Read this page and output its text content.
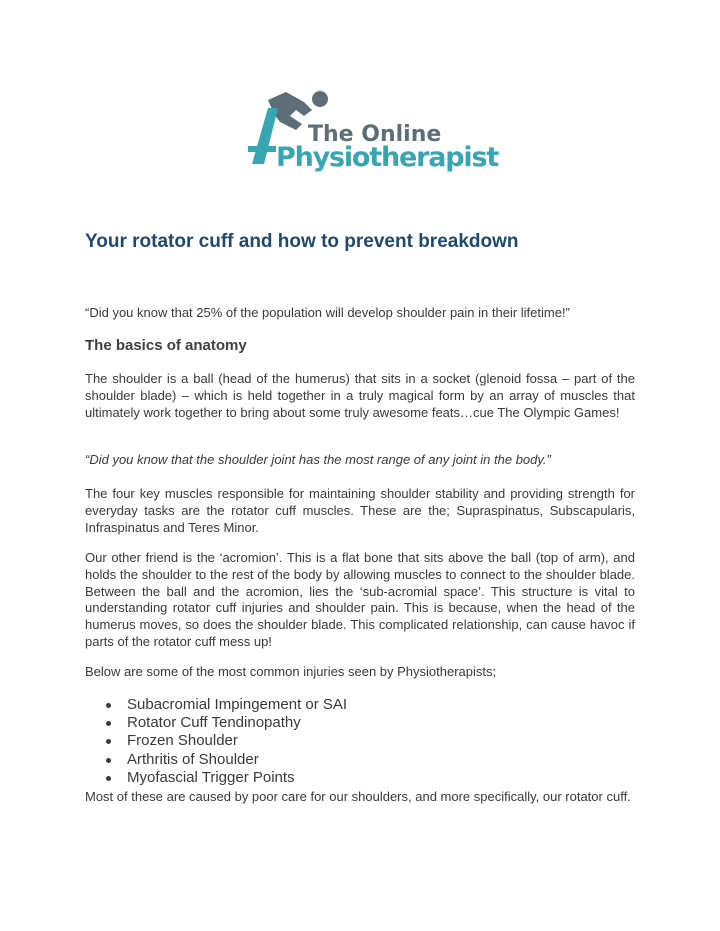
The Online
Physiotherapist
Your rotator cuff and how to prevent breakdown

“Did you know that 25% of the population will develop shoulder pain in their lifetime!”

The basics of anatomy

The shoulder is a ball (head of the humerus) that sits in a socket (glenoid fossa – part of the shoulder blade) – which is held together in a truly magical form by an array of muscles that ultimately work together to bring about some truly awesome feats…cue The Olympic Games!

“Did you know that the shoulder joint has the most range of any joint in the body.”

The four key muscles responsible for maintaining shoulder stability and providing strength for everyday tasks are the rotator cuff muscles. These are the; Supraspinatus, Subscapularis, Infraspinatus and Teres Minor.

Our other friend is the ‘acromion’. This is a flat bone that sits above the ball (top of arm), and holds the shoulder to the rest of the body by allowing muscles to connect to the shoulder blade. Between the ball and the acromion, lies the ‘sub-acromial space’. This structure is vital to understanding rotator cuff injuries and shoulder pain. This is because, when the head of the humerus moves, so does the shoulder blade. This complicated relationship, can cause havoc if parts of the rotator cuff mess up!

Below are some of the most common injuries seen by Physiotherapists;

Subacromial Impingement or SAI
Rotator Cuff Tendinopathy
Frozen Shoulder
Arthritis of Shoulder
Myofascial Trigger Points

Most of these are caused by poor care for our shoulders, and more specifically, our rotator cuff.
